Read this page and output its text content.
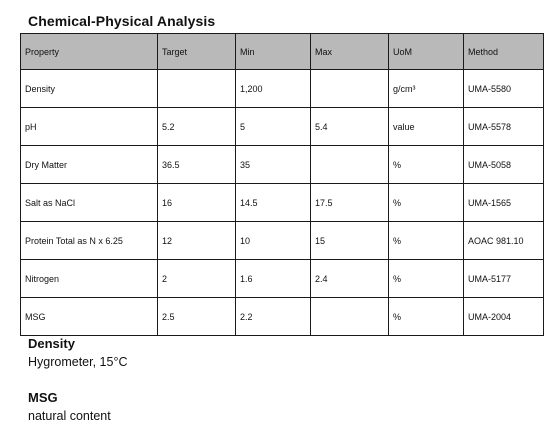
Chemical-Physical Analysis
Property	Target	Min	Max	UoM	Method
Density		1,200		g/cm³	UMA-5580
pH	5.2	5	5.4	value	UMA-5578
Dry Matter	36.5	35		%	UMA-5058
Salt as NaCl	16	14.5	17.5	%	UMA-1565
Protein Total as N x 6.25	12	10	15	%	AOAC 981.10
Nitrogen	2	1.6	2.4	%	UMA-5177
MSG	2.5	2.2		%	UMA-2004
Density
Hygrometer, 15°C
MSG
natural content
